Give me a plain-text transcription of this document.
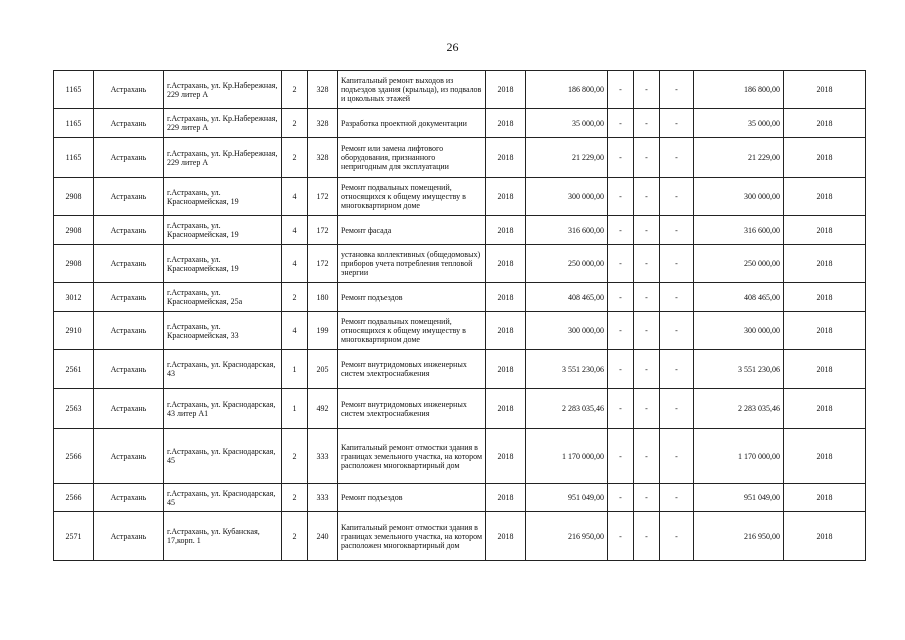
26
1165	Астрахань	г.Астрахань, ул. Кр.Набережная, 229 литер А	2	328	Капитальный ремонт выходов из подъездов здания (крыльца), из подвалов и цокольных этажей	2018	186 800,00	-	-	-	186 800,00	2018

1165	Астрахань	г.Астрахань, ул. Кр.Набережная, 229 литер А	2	328	Разработка проектной документации	2018	35 000,00	-	-	-	35 000,00	2018

1165	Астрахань	г.Астрахань, ул. Кр.Набережная, 229 литер А	2	328	Ремонт или замена лифтового оборудования, признанного непригодным для эксплуатации	2018	21 229,00	-	-	-	21 229,00	2018

2908	Астрахань	г.Астрахань, ул. Красноармейская, 19	4	172	Ремонт подвальных помещений, относящихся к общему имуществу в многоквартирном доме	2018	300 000,00	-	-	-	300 000,00	2018

2908	Астрахань	г.Астрахань, ул. Красноармейская, 19	4	172	Ремонт фасада	2018	316 600,00	-	-	-	316 600,00	2018

2908	Астрахань	г.Астрахань, ул. Красноармейская, 19	4	172	установка коллективных (общедомовых) приборов учета потребления тепловой энергии	2018	250 000,00	-	-	-	250 000,00	2018

3012	Астрахань	г.Астрахань, ул. Красноармейская, 25а	2	180	Ремонт подъездов	2018	408 465,00	-	-	-	408 465,00	2018

2910	Астрахань	г.Астрахань, ул. Красноармейская, 33	4	199	Ремонт подвальных помещений, относящихся к общему имуществу в многоквартирном доме	2018	300 000,00	-	-	-	300 000,00	2018

2561	Астрахань	г.Астрахань, ул. Краснодарская, 43	1	205	Ремонт внутридомовых инженерных систем электроснабжения	2018	3 551 230,06	-	-	-	3 551 230,06	2018

2563	Астрахань	г.Астрахань, ул. Краснодарская, 43 литер А1	1	492	Ремонт внутридомовых инженерных систем электроснабжения	2018	2 283 035,46	-	-	-	2 283 035,46	2018

2566	Астрахань	г.Астрахань, ул. Краснодарская, 45	2	333	Капитальный ремонт отмостки здания в границах земельного участка, на котором расположен многоквартирный дом	2018	1 170 000,00	-	-	-	1 170 000,00	2018

2566	Астрахань	г.Астрахань, ул. Краснодарская, 45	2	333	Ремонт подъездов	2018	951 049,00	-	-	-	951 049,00	2018

2571	Астрахань	г.Астрахань, ул. Кубанская, 17,корп. 1	2	240	Капитальный ремонт отмостки здания в границах земельного участка, на котором расположен многоквартирный дом	2018	216 950,00	-	-	-	216 950,00	2018
